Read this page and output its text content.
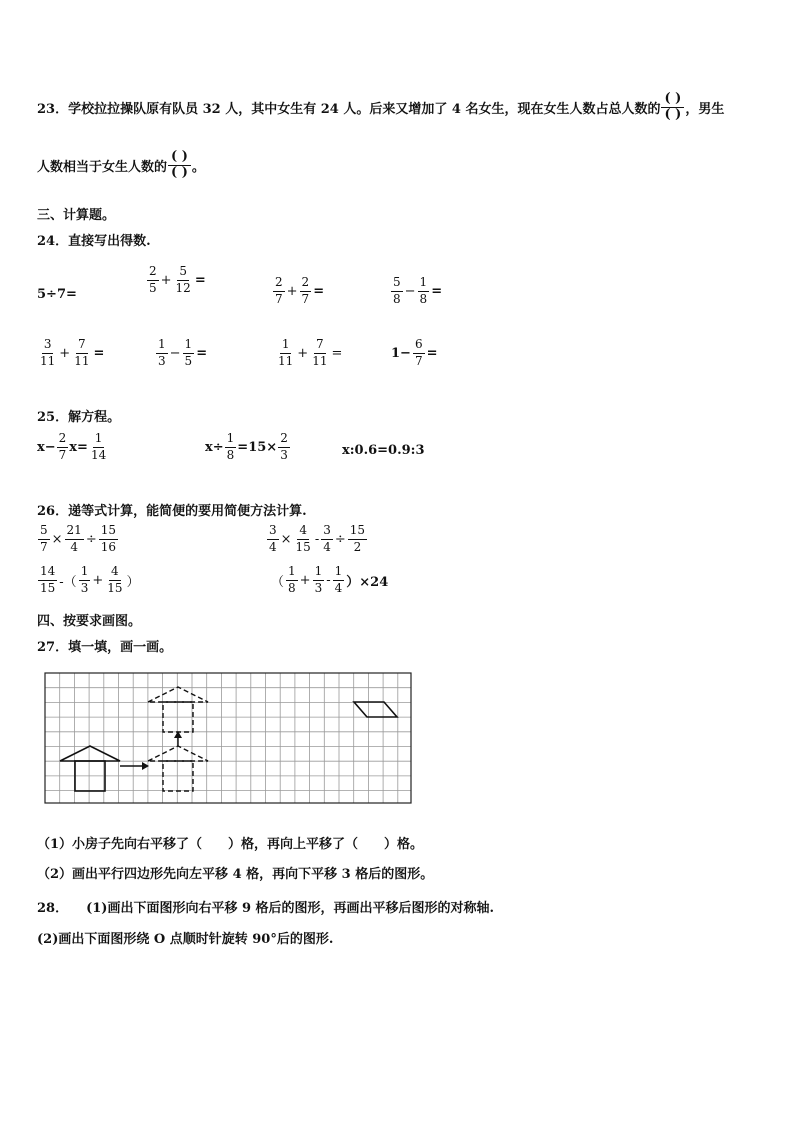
23．学校拉拉操队原有队员 32 人，其中女生有 24 人。后来又增加了 4 名女生，现在女生人数占总人数的 $\frac{( )}{( )}$ ，男生
人数相当于女生人数的 $\frac{( )}{( )}$ 。
三、计算题。
24．直接写出得数.
5÷7=	$\frac{2}{5} + \frac{5}{12}$ =	$\frac{2}{7} + \frac{2}{7}$ =	$\frac{5}{8} - \frac{1}{8}$ =
$\frac{3}{11} + \frac{7}{11}$ =	$\frac{1}{3} - \frac{1}{5}$ =	$\frac{1}{11} + \frac{7}{11}$ =	$1- \frac{6}{7}$ =
25．解方程。
$x- \frac{2}{7} x= \frac{1}{14}$	$x\div \frac{1}{8} =15\times \frac{2}{3}$	x:0.6=0.9:3
26．递等式计算，能简便的要用简便方法计算.
$\frac{5}{7} \times \frac{21}{4} \div \frac{15}{16}$	$\frac{3}{4} \times \frac{4}{15} - \frac{3}{4} \div \frac{15}{2}$
$\frac{14}{15}$ -（ $\frac{1}{3} + \frac{4}{15}$ ）	（ $\frac{1}{8} + \frac{1}{3} - \frac{1}{4} )\times 24$
四、按要求画图。
27．填一填，画一画。
（1）小房子先向右平移了（　　）格，再向上平移了（　　）格。
（2）画出平行四边形先向左平移 4 格，再向下平移 3 格后的图形。
28． (1)画出下面图形向右平移 9 格后的图形，再画出平移后图形的对称轴.
(2)画出下面图形绕 O 点顺时针旋转 90°后的图形.
